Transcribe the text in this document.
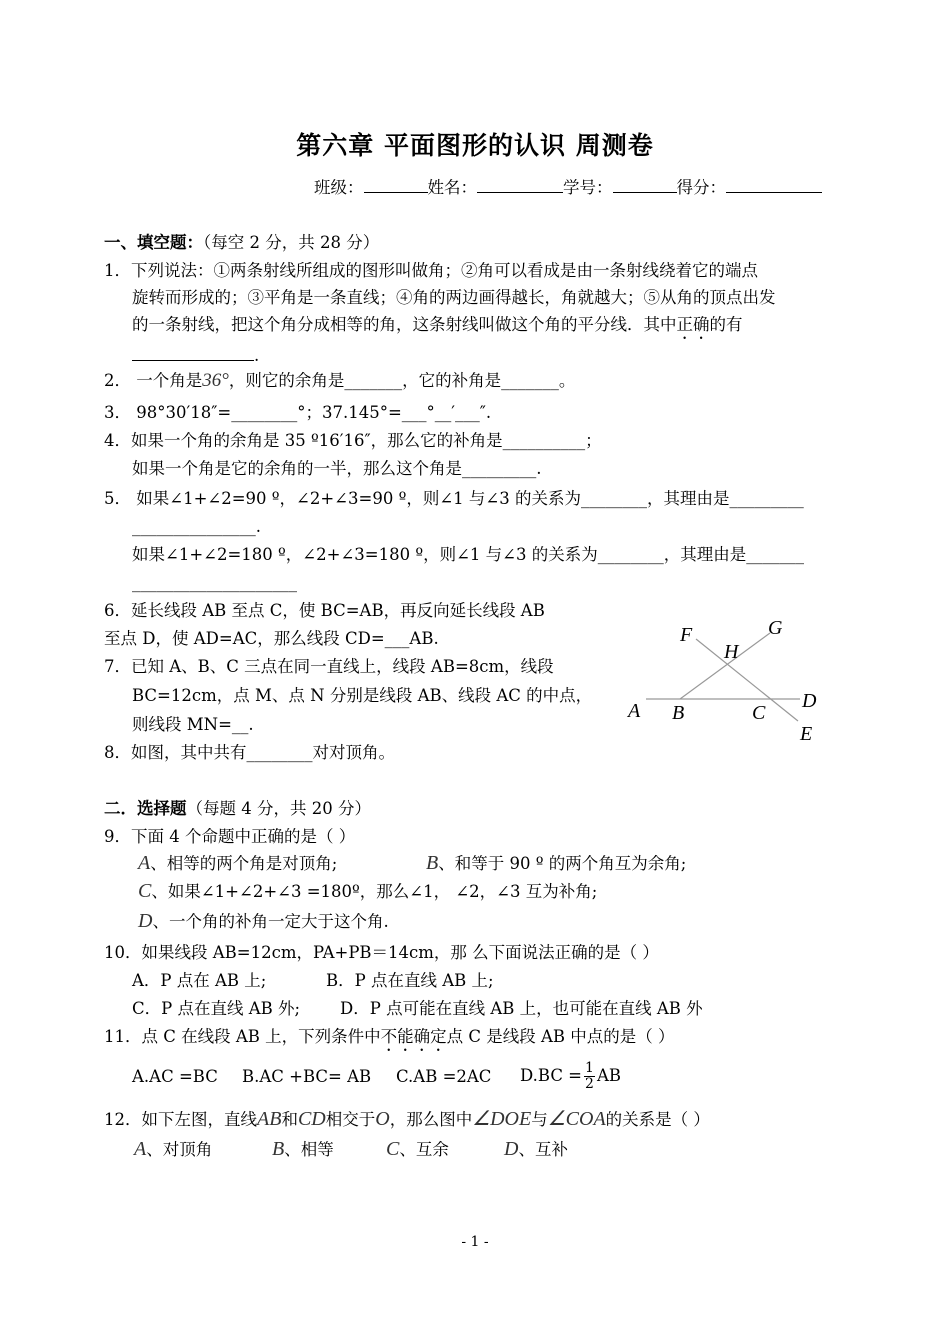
第六章 平面图形的认识 周测卷
班级：	姓名：	学号：	得分：
一、填空题：（每空 2 分，共 28 分）
1．下列说法：①两条射线所组成的图形叫做角；②角可以看成是由一条射线绕着它的端点
旋转而形成的；③平角是一条直线；④角的两边画得越长，角就越大；⑤从角的顶点出发
的一条射线，把这个角分成相等的角，这条射线叫做这个角的平分线．其中正确的有
.
2． 一个角是36°，则它的余角是_______，它的补角是_______。
3． 98°30′18″=________°；37.145°=___°__′___″.
4．如果一个角的余角是 35 º16′16″，那么它的补角是__________；
如果一个角是它的余角的一半，那么这个角是_________.
5． 如果∠1+∠2=90 º，∠2+∠3=90 º，则∠1 与∠3 的关系为________，其理由是_________
_______________.
如果∠1+∠2=180 º，∠2+∠3=180 º，则∠1 与∠3 的关系为________，其理由是_______
____________________
6．延长线段 AB 至点 C，使 BC=AB，再反向延长线段 AB
至点 D，使 AD=AC，那么线段 CD=___AB.
7．已知 A、B、C 三点在同一直线上，线段 AB=8cm，线段
BC=12cm，点 M、点 N 分别是线段 AB、线段 AC 的中点，
则线段 MN=__.
8．如图，其中共有________对对顶角。
F	G
H
A B	C
D
E
二．选择题（每题 4 分，共 20 分）
9．下面 4 个命题中正确的是（ ）
A、相等的两个角是对顶角;	B、和等于 90 º 的两个角互为余角;
C、如果∠1+∠2+∠3 =180º，那么∠1， ∠2，∠3 互为补角;
D、一个角的补角一定大于这个角.
10．如果线段 AB=12cm，PA+PB＝14cm，那 么下面说法正确的是（ ）
A．P 点在 AB 上;	B．P 点在直线 AB 上;
C．P 点在直线 AB 外; D．P 点可能在直线 AB 上，也可能在直线 AB 外
11．点 C 在线段 AB 上，下列条件中不能确定点 C 是线段 AB 中点的是（ ）
A.AC =BC B.AC +BC= AB C.AB =2AC $D.BC = \frac{1}{2}$ AB
12．如下左图，直线AB和CD相交于O，那么图中∠DOE与∠COA的关系是（ ）
A、对顶角	B、相等	C、互余	D、互补
- 1 -
